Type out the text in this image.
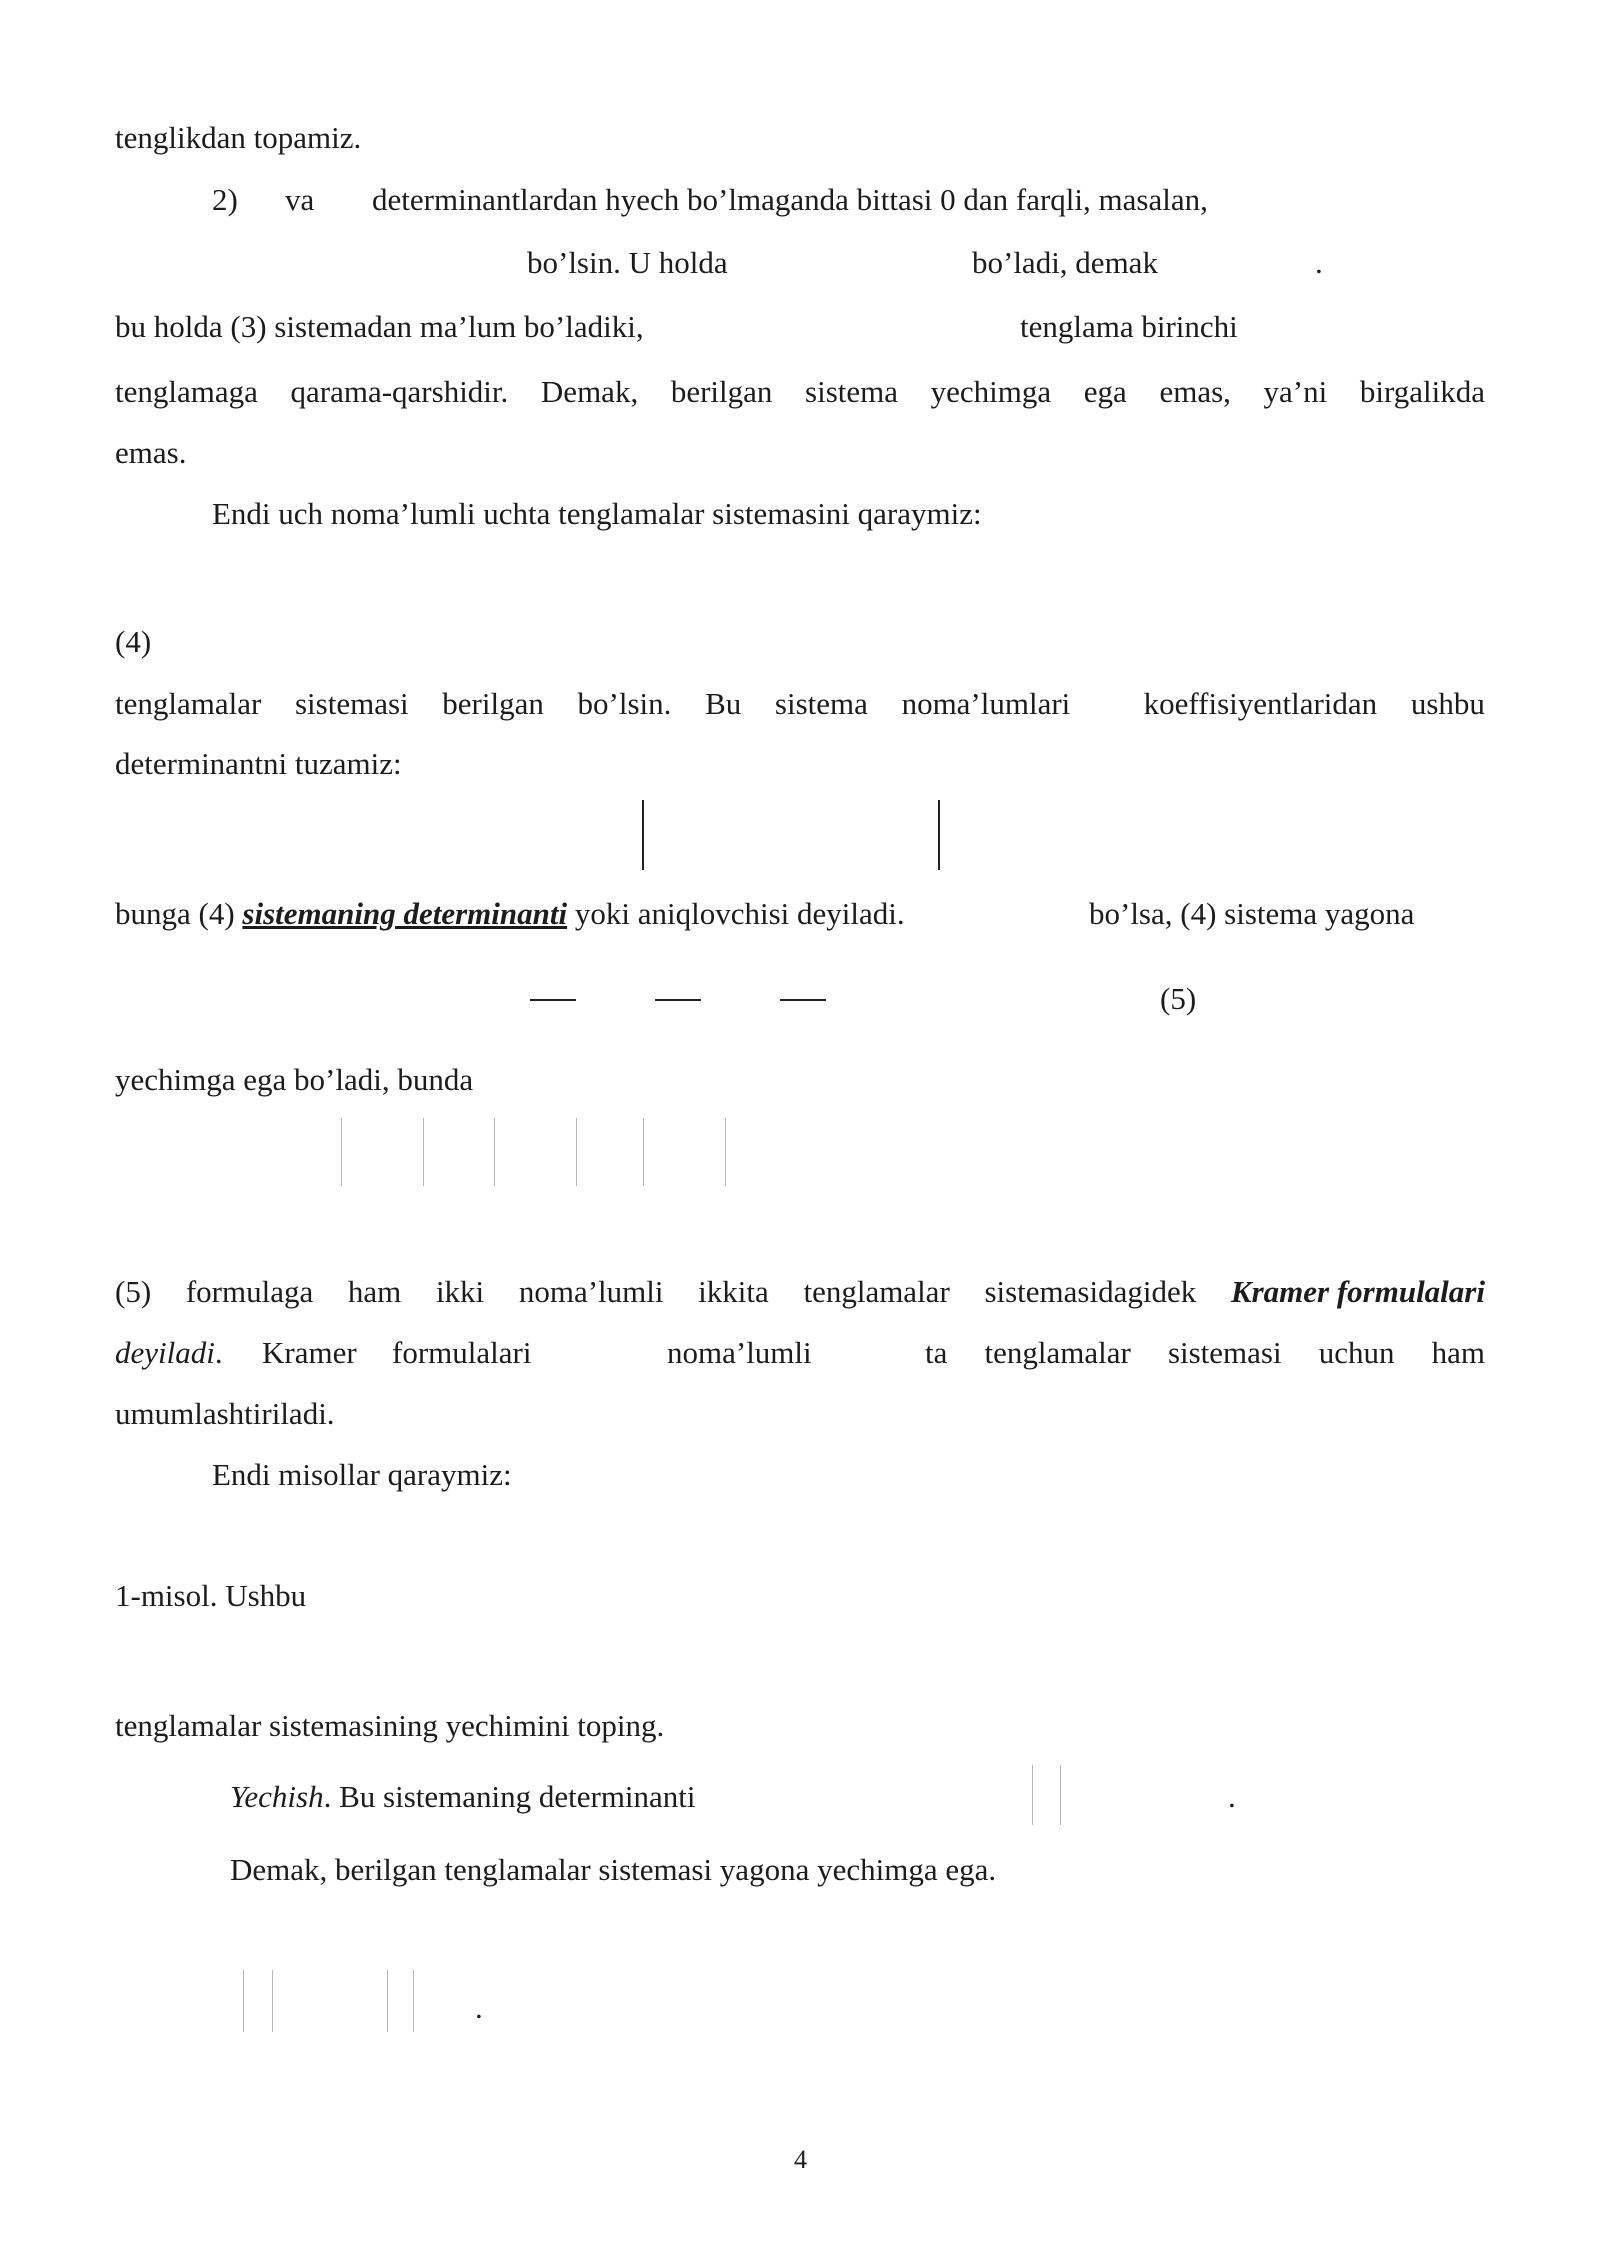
tenglikdan topamiz.
2) va determinantlardan hyech bo’lmaganda bittasi 0 dan farqli, masalan,
bo’lsin. U holda	bo’ladi, demak	.
bu holda (3) sistemadan ma’lum bo’ladiki,	tenglama birinchi
tenglamaga qarama-qarshidir. Demak, berilgan sistema yechimga ega emas, ya’ni birgalikda
emas.
Endi uch noma’lumli uchta tenglamalar sistemasini qaraymiz:
(4)
tenglamalar sistemasi berilgan bo’lsin. Bu sistema noma’lumlari koeffisiyentlaridan ushbu
determinantni tuzamiz:
bunga (4) sistemaning determinanti yoki aniqlovchisi deyiladi.	bo’lsa, (4) sistema yagona
(5)
yechimga ega bo’ladi, bunda
(5) formulaga ham ikki noma’lumli ikkita tenglamalar sistemasidagidek Kramer formulalari
deyiladi. Kramer formulalari	noma’lumli	ta tenglamalar sistemasi uchun ham
umumlashtiriladi.
Endi misollar qaraymiz:
1-misol. Ushbu
tenglamalar sistemasining yechimini toping.
Yechish. Bu sistemaning determinanti	.
Demak, berilgan tenglamalar sistemasi yagona yechimga ega.
.
4
